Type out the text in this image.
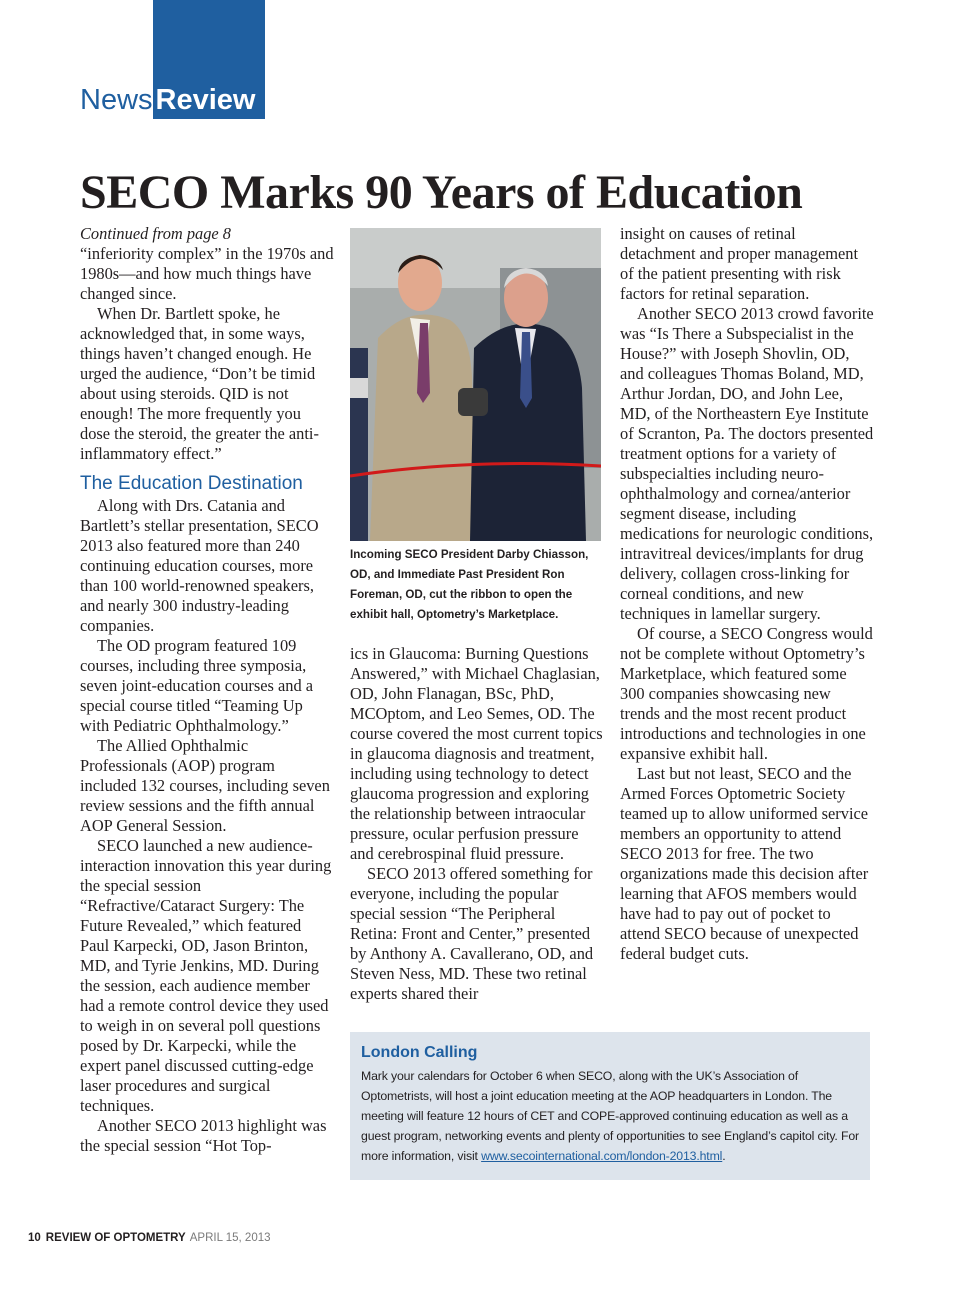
News Review
SECO Marks 90 Years of Education

Continued from page 8

“inferiority complex” in the 1970s and 1980s—and how much things have changed since.

When Dr. Bartlett spoke, he acknowledged that, in some ways, things haven’t changed enough. He urged the audience, “Don’t be timid about using steroids. QID is not enough! The more frequently you dose the steroid, the greater the anti-inflammatory effect.”

The Education Destination

Along with Drs. Catania and Bartlett’s stellar presentation, SECO 2013 also featured more than 240 continuing education courses, more than 100 world-renowned speakers, and nearly 300 industry-leading companies.

The OD program featured 109 courses, including three symposia, seven joint-education courses and a special course titled “Teaming Up with Pediatric Ophthalmology.”

The Allied Ophthalmic Professionals (AOP) program included 132 courses, including seven review sessions and the fifth annual AOP General Session.

SECO launched a new audience-interaction innovation this year during the special session “Refractive/Cataract Surgery: The Future Revealed,” which featured Paul Karpecki, OD, Jason Brinton, MD, and Tyrie Jenkins, MD. During the session, each audience member had a remote control device they used to weigh in on several poll questions posed by Dr. Karpecki, while the expert panel discussed cutting-edge laser procedures and surgical techniques.

Another SECO 2013 highlight was the special session “Hot Top-

Incoming SECO President Darby Chiasson, OD, and Immediate Past President Ron Foreman, OD, cut the ribbon to open the exhibit hall, Optometry’s Marketplace.

ics in Glaucoma: Burning Questions Answered,” with Michael Chaglasian, OD, John Flanagan, BSc, PhD, MCOptom, and Leo Semes, OD. The course covered the most current topics in glaucoma diagnosis and treatment, including using technology to detect glaucoma progression and exploring the relationship between intraocular pressure, ocular perfusion pressure and cerebrospinal fluid pressure.

SECO 2013 offered something for everyone, including the popular special session “The Peripheral Retina: Front and Center,” presented by Anthony A. Cavallerano, OD, and Steven Ness, MD. These two retinal experts shared their

insight on causes of retinal detachment and proper management of the patient presenting with risk factors for retinal separation.

Another SECO 2013 crowd favorite was “Is There a Subspecialist in the House?” with Joseph Shovlin, OD, and colleagues Thomas Boland, MD, Arthur Jordan, DO, and John Lee, MD, of the Northeastern Eye Institute of Scranton, Pa. The doctors presented treatment options for a variety of subspecialties including neuro-ophthalmology and cornea/anterior segment disease, including medications for neurologic conditions, intravitreal devices/implants for drug delivery, collagen cross-linking for corneal conditions, and new techniques in lamellar surgery.

Of course, a SECO Congress would not be complete without Optometry’s Marketplace, which featured some 300 companies showcasing new trends and the most recent product introductions and technologies in one expansive exhibit hall.

Last but not least, SECO and the Armed Forces Optometric Society teamed up to allow uniformed service members an opportunity to attend SECO 2013 for free. The two organizations made this decision after learning that AFOS members would have had to pay out of pocket to attend SECO because of unexpected federal budget cuts.

London Calling

Mark your calendars for October 6 when SECO, along with the UK’s Association of Optometrists, will host a joint education meeting at the AOP headquarters in London. The meeting will feature 12 hours of CET and COPE-approved continuing education as well as a guest program, networking events and plenty of opportunities to see England’s capitol city. For more information, visit www.secointernational.com/london-2013.html.

10 REVIEW OF OPTOMETRY APRIL 15, 2013
